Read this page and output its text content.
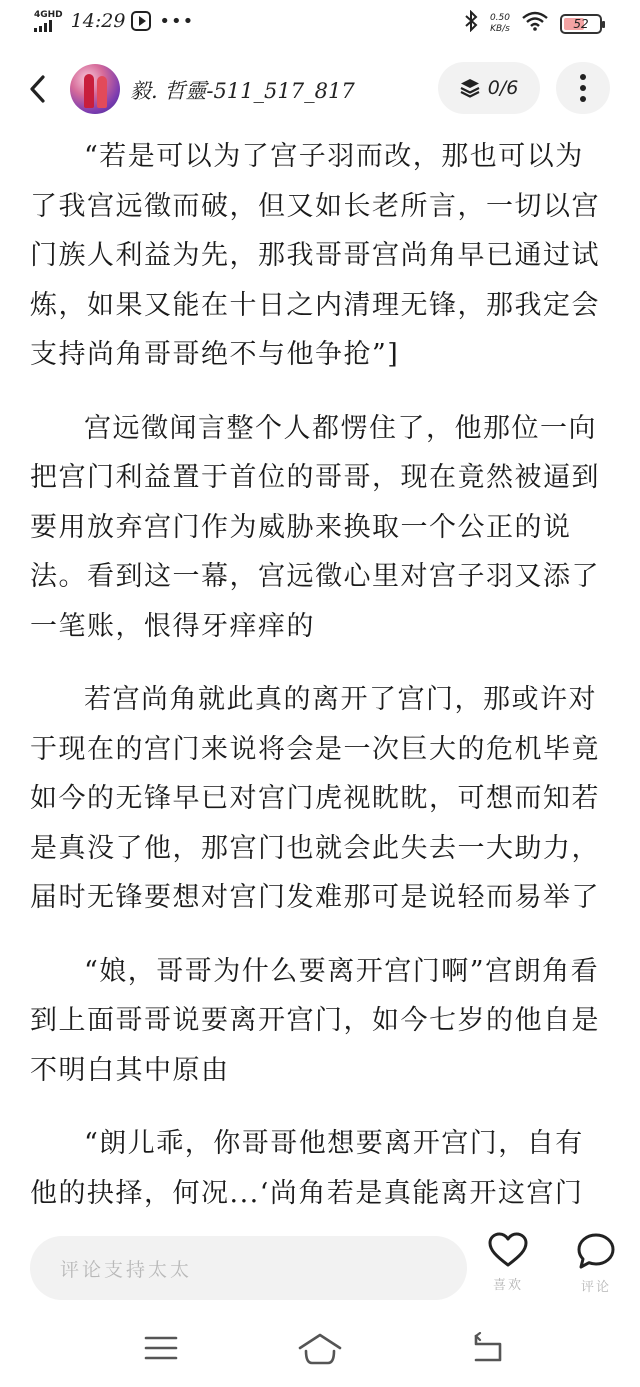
4GHD 14:29 •••	0.50
KB/s	52
毅. 哲靈-511_517_817	0/6

“若是可以为了宫子羽而改，那也可以为了我宫远徵而破，但又如长老所言，一切以宫门族人利益为先，那我哥哥宫尚角早已通过试炼，如果又能在十日之内清理无锋，那我定会支持尚角哥哥绝不与他争抢”]

宫远徵闻言整个人都愣住了，他那位一向把宫门利益置于首位的哥哥，现在竟然被逼到要用放弃宫门作为威胁来换取一个公正的说法。看到这一幕，宫远徵心里对宫子羽又添了一笔账，恨得牙痒痒的

若宫尚角就此真的离开了宫门，那或许对于现在的宫门来说将会是一次巨大的危机毕竟如今的无锋早已对宫门虎视眈眈，可想而知若是真没了他，那宫门也就会此失去一大助力，届时无锋要想对宫门发难那可是说轻而易举了

“娘，哥哥为什么要离开宫门啊”宫朗角看到上面哥哥说要离开宫门，如今七岁的他自是不明白其中原由

“朗儿乖，你哥哥他想要离开宫门，自有他的抉择，何况...‘尚角若是真能离开这宫门

评论支持太太
喜欢	评论
